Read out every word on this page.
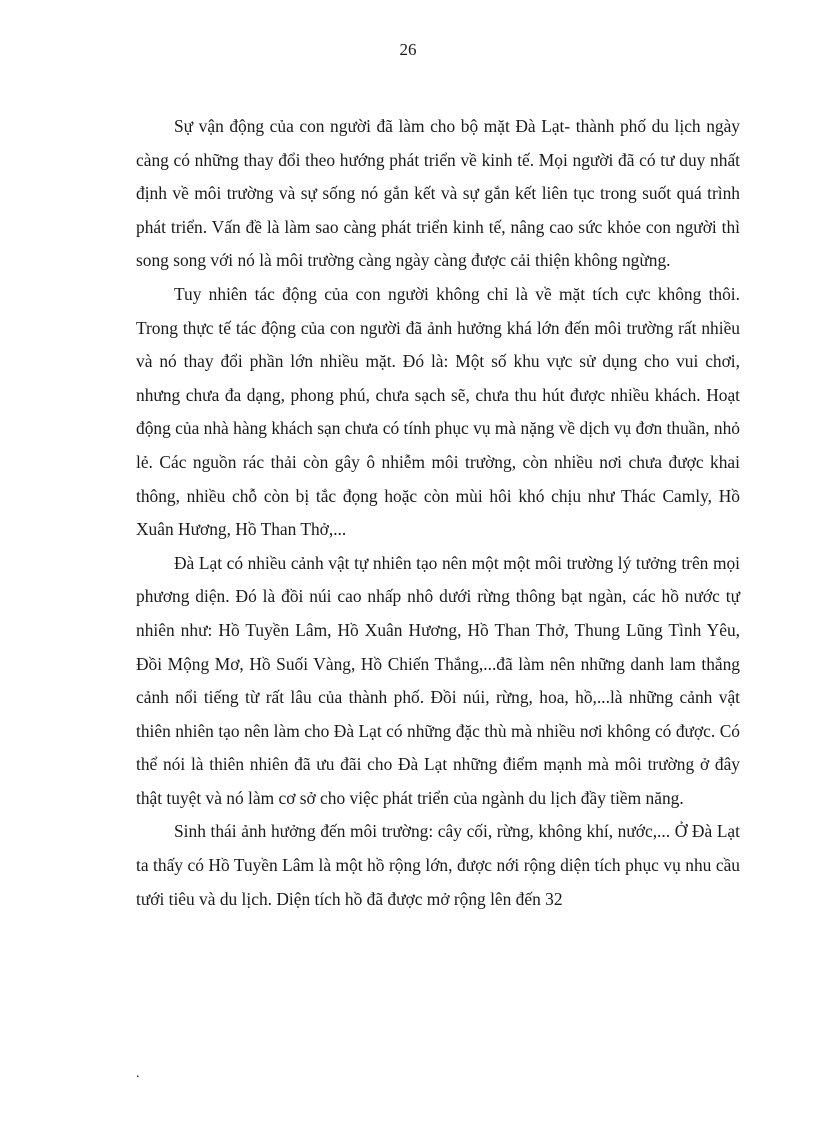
26

Sự vận động của con người đã làm cho bộ mặt Đà Lạt- thành phố du lịch ngày càng có những thay đổi theo hướng phát triển về kinh tế. Mọi người đã có tư duy nhất định về môi trường và sự sống nó gắn kết và sự gắn kết liên tục trong suốt quá trình phát triển. Vấn đề là làm sao càng phát triển kinh tế, nâng cao sức khỏe con người thì song song với nó là môi trường càng ngày càng được cải thiện không ngừng.

Tuy nhiên tác động của con người không chỉ là về mặt tích cực không thôi. Trong thực tế tác động của con người đã ảnh hưởng khá lớn đến môi trường rất nhiều và nó thay đổi phần lớn nhiều mặt. Đó là: Một số khu vực sử dụng cho vui chơi, nhưng chưa đa dạng, phong phú, chưa sạch sẽ, chưa thu hút được nhiều khách. Hoạt động của nhà hàng khách sạn chưa có tính phục vụ mà nặng về dịch vụ đơn thuần, nhỏ lẻ. Các nguồn rác thải còn gây ô nhiễm môi trường, còn nhiều nơi chưa được khai thông, nhiều chỗ còn bị tắc đọng hoặc còn mùi hôi khó chịu như Thác Camly, Hồ Xuân Hương, Hồ Than Thở,...

Đà Lạt có nhiều cảnh vật tự nhiên tạo nên một một môi trường lý tưởng trên mọi phương diện. Đó là đồi núi cao nhấp nhô dưới rừng thông bạt ngàn, các hồ nước tự nhiên như: Hồ Tuyền Lâm, Hồ Xuân Hương, Hồ Than Thở, Thung Lũng Tình Yêu, Đồi Mộng Mơ, Hồ Suối Vàng, Hồ Chiến Thắng,...đã làm nên những danh lam thắng cảnh nổi tiếng từ rất lâu của thành phố. Đồi núi, rừng, hoa, hồ,...là những cảnh vật thiên nhiên tạo nên làm cho Đà Lạt có những đặc thù mà nhiều nơi không có được. Có thể nói là thiên nhiên đã ưu đãi cho Đà Lạt những điểm mạnh mà môi trường ở đây thật tuyệt và nó làm cơ sở cho việc phát triển của ngành du lịch đầy tiềm năng.

Sinh thái ảnh hưởng đến môi trường: cây cối, rừng, không khí, nước,... Ở Đà Lạt ta thấy có Hồ Tuyền Lâm là một hồ rộng lớn, được nới rộng diện tích phục vụ nhu cầu tưới tiêu và du lịch. Diện tích hồ đã được mở rộng lên đến 32

.
